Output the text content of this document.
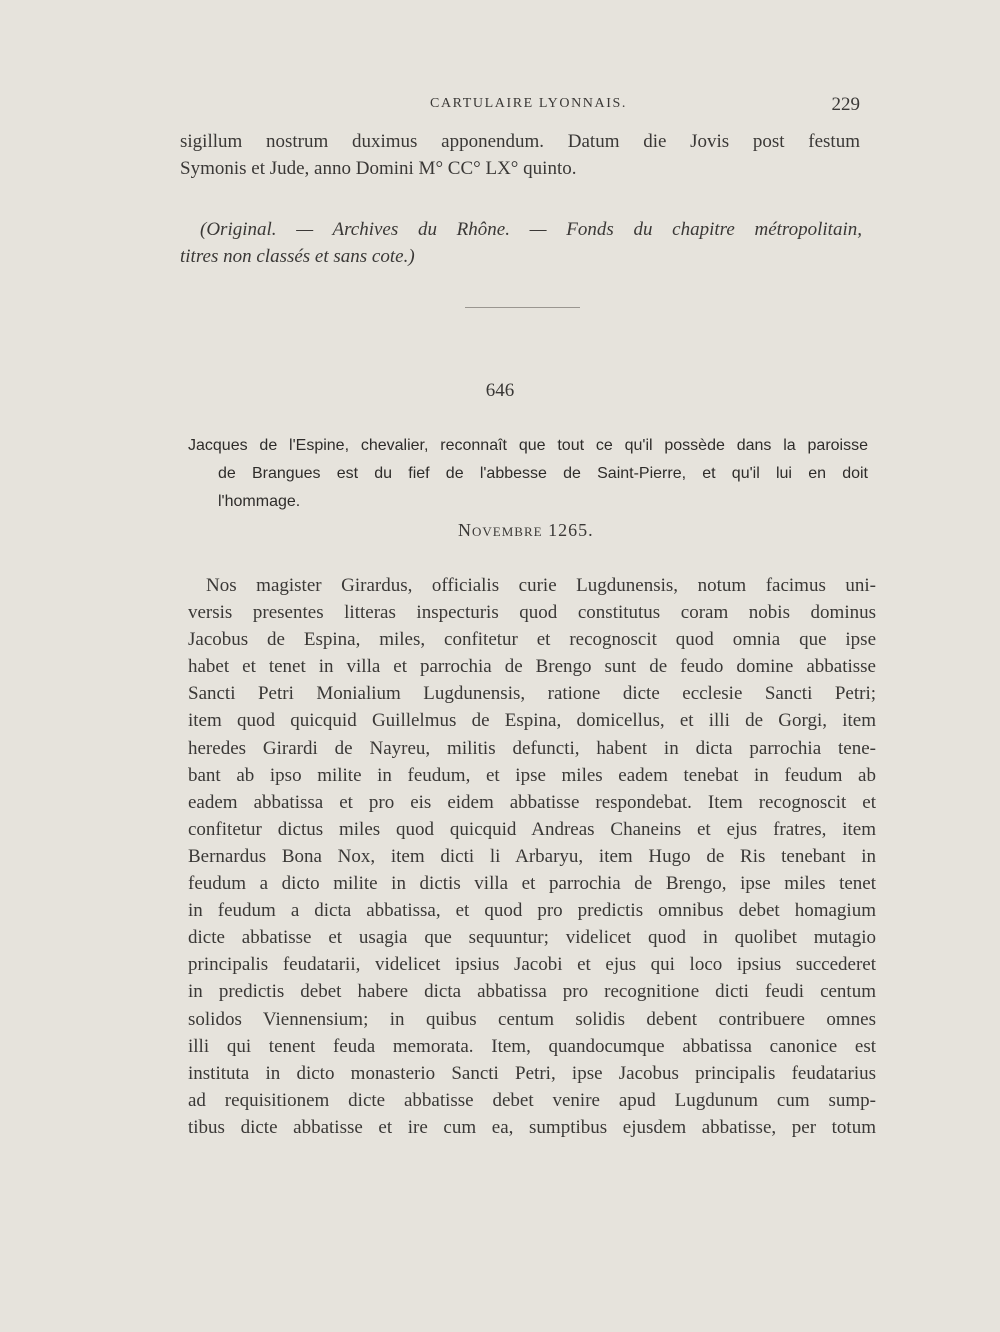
CARTULAIRE LYONNAIS.	229
sigillum nostrum duximus apponendum. Datum die Jovis post festum
Symonis et Jude, anno Domini M° CC° LX° quinto.
(Original. — Archives du Rhône. — Fonds du chapitre métropolitain,
titres non classés et sans cote.)
646
Jacques de l'Espine, chevalier, reconnaît que tout ce qu'il possède dans la paroisse
de Brangues est du fief de l'abbesse de Saint-Pierre, et qu'il lui en doit
l'hommage.
NOVEMBRE 1265.
Nos magister Girardus, officialis curie Lugdunensis, notum facimus uni-
versis presentes litteras inspecturis quod constitutus coram nobis dominus
Jacobus de Espina, miles, confitetur et recognoscit quod omnia que ipse
habet et tenet in villa et parrochia de Brengo sunt de feudo domine abbatisse
Sancti Petri Monialium Lugdunensis, ratione dicte ecclesie Sancti Petri;
item quod quicquid Guillelmus de Espina, domicellus, et illi de Gorgi, item
heredes Girardi de Nayreu, militis defuncti, habent in dicta parrochia tene-
bant ab ipso milite in feudum, et ipse miles eadem tenebat in feudum ab
eadem abbatissa et pro eis eidem abbatisse respondebat. Item recognoscit et
confitetur dictus miles quod quicquid Andreas Chaneins et ejus fratres, item
Bernardus Bona Nox, item dicti li Arbaryu, item Hugo de Ris tenebant in
feudum a dicto milite in dictis villa et parrochia de Brengo, ipse miles tenet
in feudum a dicta abbatissa, et quod pro predictis omnibus debet homagium
dicte abbatisse et usagia que sequuntur; videlicet quod in quolibet mutagio
principalis feudatarii, videlicet ipsius Jacobi et ejus qui loco ipsius succederet
in predictis debet habere dicta abbatissa pro recognitione dicti feudi centum
solidos Viennensium; in quibus centum solidis debent contribuere omnes
illi qui tenent feuda memorata. Item, quandocumque abbatissa canonice est
instituta in dicto monasterio Sancti Petri, ipse Jacobus principalis feudatarius
ad requisitionem dicte abbatisse debet venire apud Lugdunum cum sump-
tibus dicte abbatisse et ire cum ea, sumptibus ejusdem abbatisse, per totum
